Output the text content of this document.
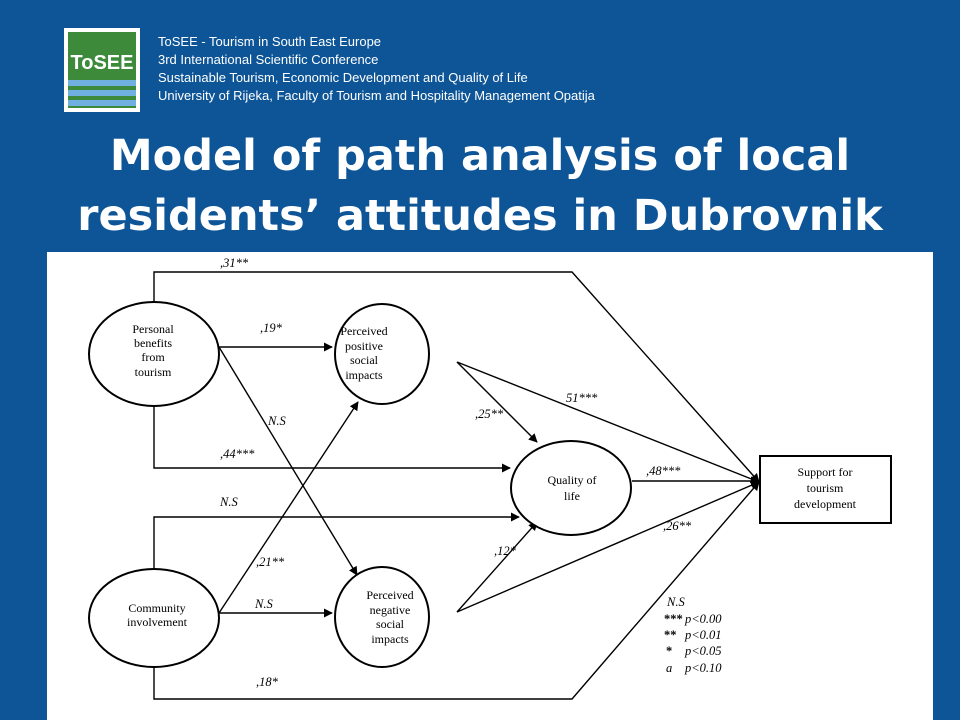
ToSEE
ToSEE - Tourism in South East Europe
3rd International Scientific Conference
Sustainable Tourism, Economic Development and Quality of Life
University of Rijeka, Faculty of Tourism and Hospitality Management Opatija
Model of path analysis of local
residents’ attitudes in Dubrovnik
Personal
benefits
from
tourism
Perceived
positive
social
impacts
Quality of
life
Support for
tourism
development
Community
involvement
Perceived
negative
social
impacts
,31**
,19*
N.S
,44***
,25**
51***
,48***
N.S
,21**
N.S
,12*
,26**
,18*
N.S
*** p<0.00
** p<0.01
* p<0.05
a p<0.10
